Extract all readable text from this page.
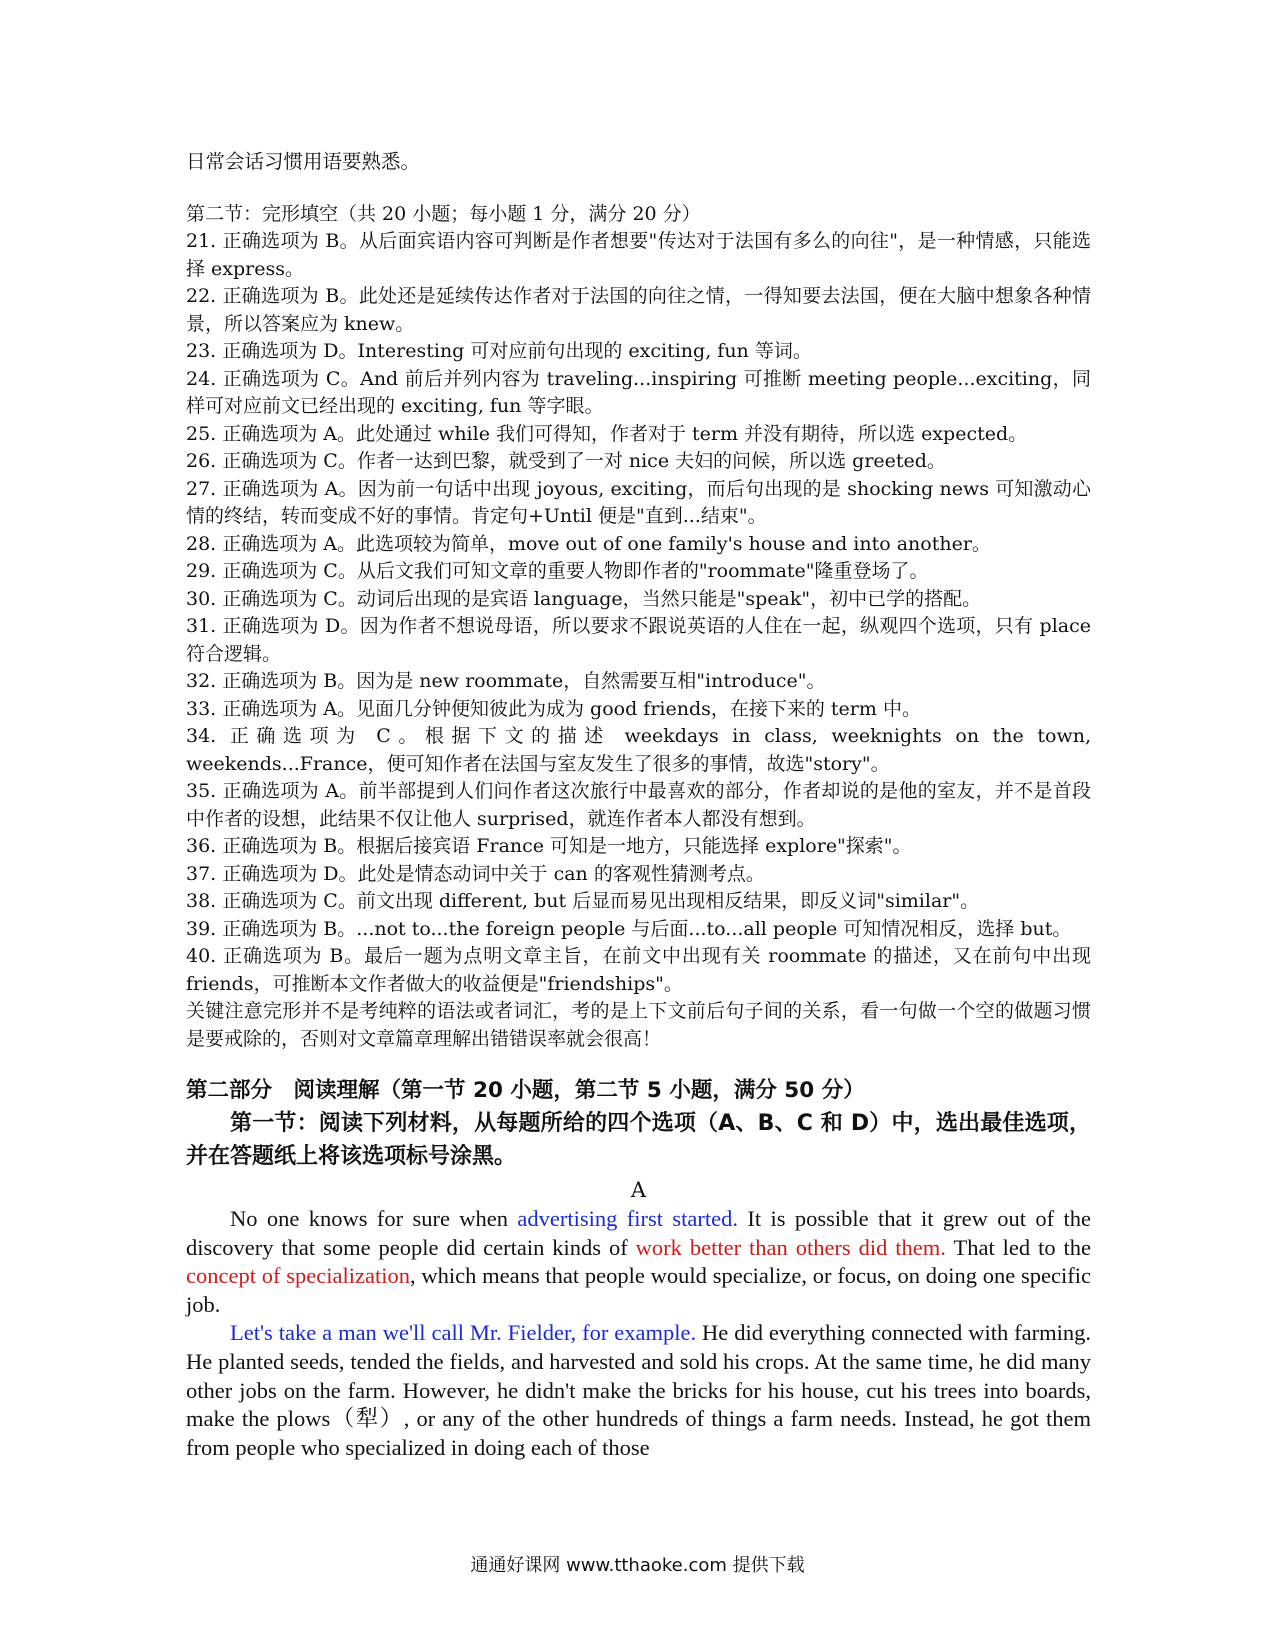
日常会话习惯用语要熟悉。
第二节：完形填空（共 20 小题；每小题 1 分，满分 20 分）
21. 正确选项为 B。从后面宾语内容可判断是作者想要"传达对于法国有多么的向往"，是一种情感，只能选择 express。
22. 正确选项为 B。此处还是延续传达作者对于法国的向往之情，一得知要去法国，便在大脑中想象各种情景，所以答案应为 knew。
23. 正确选项为 D。Interesting 可对应前句出现的 exciting, fun 等词。
24. 正确选项为 C。And 前后并列内容为 traveling...inspiring 可推断 meeting people...exciting，同样可对应前文已经出现的 exciting, fun 等字眼。
25. 正确选项为 A。此处通过 while 我们可得知，作者对于 term 并没有期待，所以选 expected。
26. 正确选项为 C。作者一达到巴黎，就受到了一对 nice 夫妇的问候，所以选 greeted。
27. 正确选项为 A。因为前一句话中出现 joyous, exciting，而后句出现的是 shocking news 可知激动心情的终结，转而变成不好的事情。肯定句+Until 便是"直到...结束"。
28. 正确选项为 A。此选项较为简单，move out of one family's house and into another。
29. 正确选项为 C。从后文我们可知文章的重要人物即作者的"roommate"隆重登场了。
30. 正确选项为 C。动词后出现的是宾语 language，当然只能是"speak"，初中已学的搭配。
31. 正确选项为 D。因为作者不想说母语，所以要求不跟说英语的人住在一起，纵观四个选项，只有 place 符合逻辑。
32. 正确选项为 B。因为是 new roommate，自然需要互相"introduce"。
33. 正确选项为 A。见面几分钟便知彼此为成为 good friends，在接下来的 term 中。
34. 正确选项为 C。根据下文的描述 weekdays in class, weeknights on the town, weekends...France，便可知作者在法国与室友发生了很多的事情，故选"story"。
35. 正确选项为 A。前半部提到人们问作者这次旅行中最喜欢的部分，作者却说的是他的室友，并不是首段中作者的设想，此结果不仅让他人 surprised，就连作者本人都没有想到。
36. 正确选项为 B。根据后接宾语 France 可知是一地方，只能选择 explore"探索"。
37. 正确选项为 D。此处是情态动词中关于 can 的客观性猜测考点。
38. 正确选项为 C。前文出现 different, but 后显而易见出现相反结果，即反义词"similar"。
39. 正确选项为 B。...not to...the foreign people 与后面...to...all people 可知情况相反，选择 but。
40. 正确选项为 B。最后一题为点明文章主旨，在前文中出现有关 roommate 的描述，又在前句中出现 friends，可推断本文作者做大的收益便是"friendships"。
关键注意完形并不是考纯粹的语法或者词汇，考的是上下文前后句子间的关系，看一句做一个空的做题习惯是要戒除的，否则对文章篇章理解出错错误率就会很高！
第二部分　阅读理解（第一节 20 小题，第二节 5 小题，满分 50 分）
第一节：阅读下列材料，从每题所给的四个选项（A、B、C 和 D）中，选出最佳选项，并在答题纸上将该选项标号涂黑。
A
No one knows for sure when advertising first started. It is possible that it grew out of the discovery that some people did certain kinds of work better than others did them. That led to the concept of specialization, which means that people would specialize, or focus, on doing one specific job.
Let's take a man we'll call Mr. Fielder, for example. He did everything connected with farming. He planted seeds, tended the fields, and harvested and sold his crops. At the same time, he did many other jobs on the farm. However, he didn't make the bricks for his house, cut his trees into boards, make the plows（犁）, or any of the other hundreds of things a farm needs. Instead, he got them from people who specialized in doing each of those
通通好课网 www.tthaoke.com 提供下载
